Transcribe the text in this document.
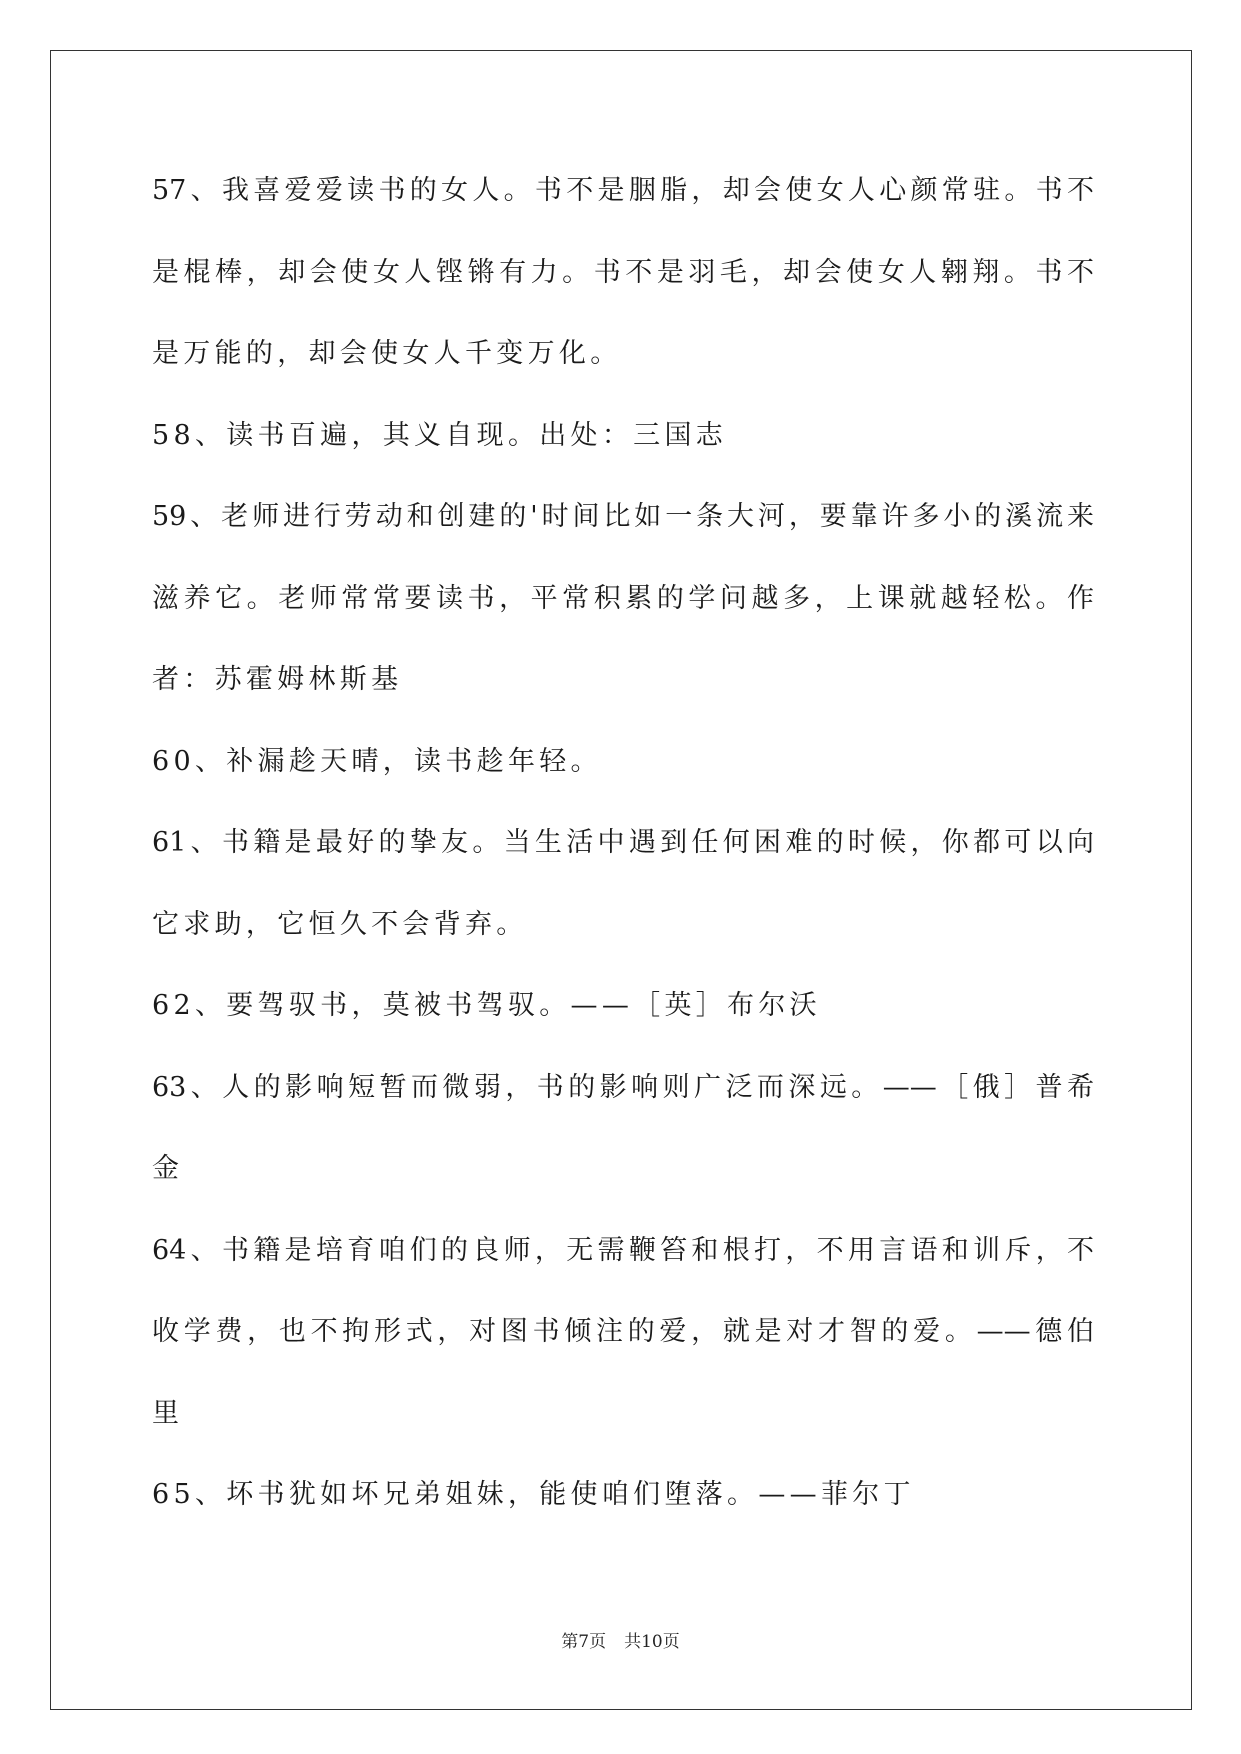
57、我喜爱爱读书的女人。书不是胭脂，却会使女人心颜常驻。书不
是棍棒，却会使女人铿锵有力。书不是羽毛，却会使女人翱翔。书不
是万能的，却会使女人千变万化。
58、读书百遍，其义自现。出处：三国志
59、老师进行劳动和创建的'时间比如一条大河，要靠许多小的溪流来
滋养它。老师常常要读书，平常积累的学问越多，上课就越轻松。作
者：苏霍姆林斯基
60、补漏趁天晴，读书趁年轻。
61、书籍是最好的挚友。当生活中遇到任何困难的时候，你都可以向
它求助，它恒久不会背弃。
62、要驾驭书，莫被书驾驭。——［英］布尔沃
63、人的影响短暂而微弱，书的影响则广泛而深远。——［俄］普希
金
64、书籍是培育咱们的良师，无需鞭笞和根打，不用言语和训斥，不
收学费，也不拘形式，对图书倾注的爱，就是对才智的爱。——德伯
里
65、坏书犹如坏兄弟姐妹，能使咱们堕落。——菲尔丁
第7页 共10页
